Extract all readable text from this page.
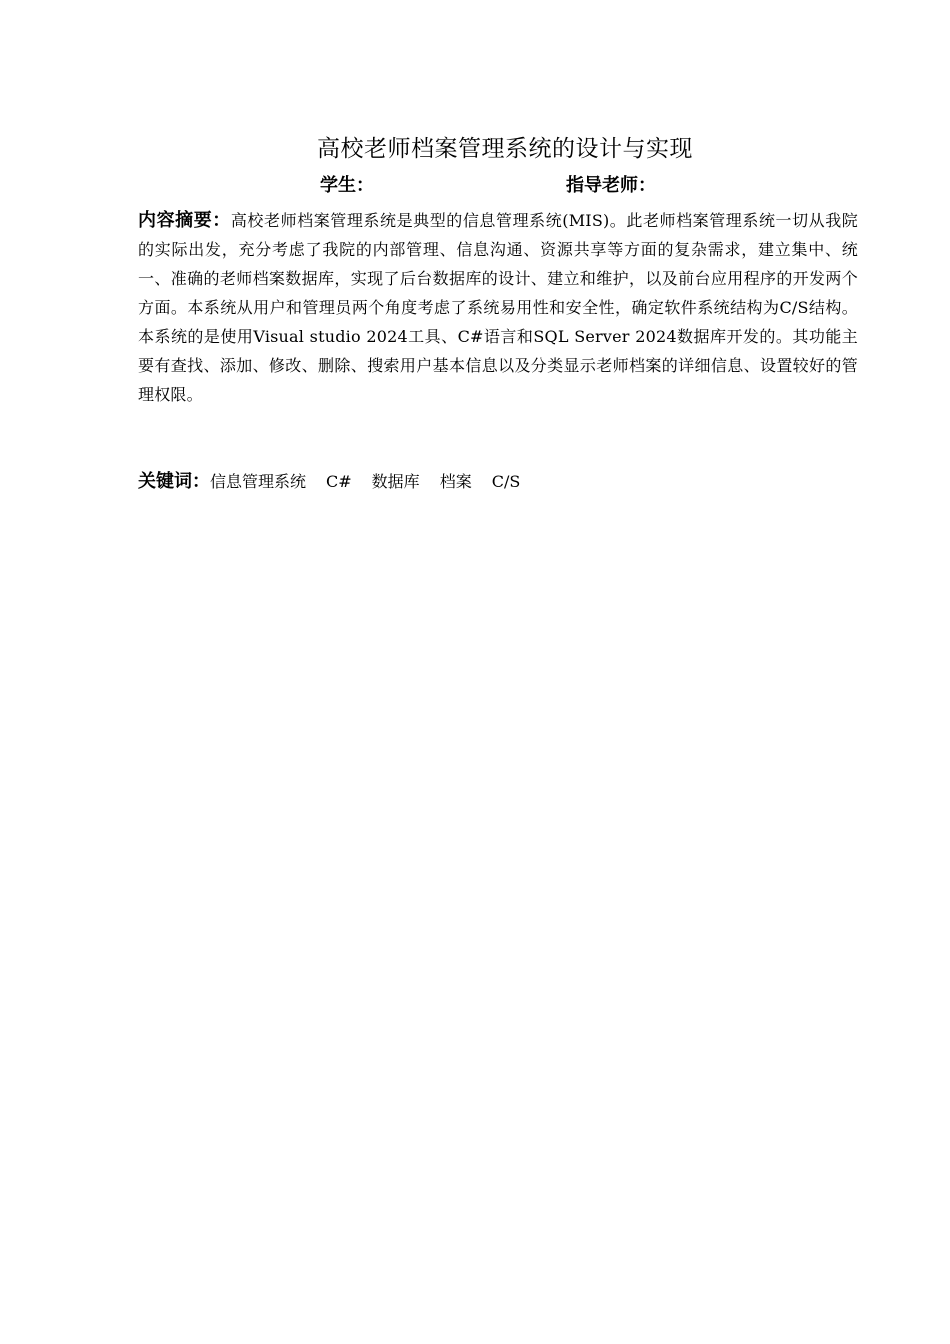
高校老师档案管理系统的设计与实现
学生：	指导老师：
内容摘要：高校老师档案管理系统是典型的信息管理系统(MIS)。此老师档案管理系统一切从我院的实际出发，充分考虑了我院的内部管理、信息沟通、资源共享等方面的复杂需求，建立集中、统一、准确的老师档案数据库，实现了后台数据库的设计、建立和维护，以及前台应用程序的开发两个方面。本系统从用户和管理员两个角度考虑了系统易用性和安全性，确定软件系统结构为C/S结构。本系统的是使用Visual studio 2024工具、C#语言和SQL Server 2024数据库开发的。其功能主要有查找、添加、修改、删除、搜索用户基本信息以及分类显示老师档案的详细信息、设置较好的管理权限。
关键词：信息管理系统 C# 数据库 档案 C/S
